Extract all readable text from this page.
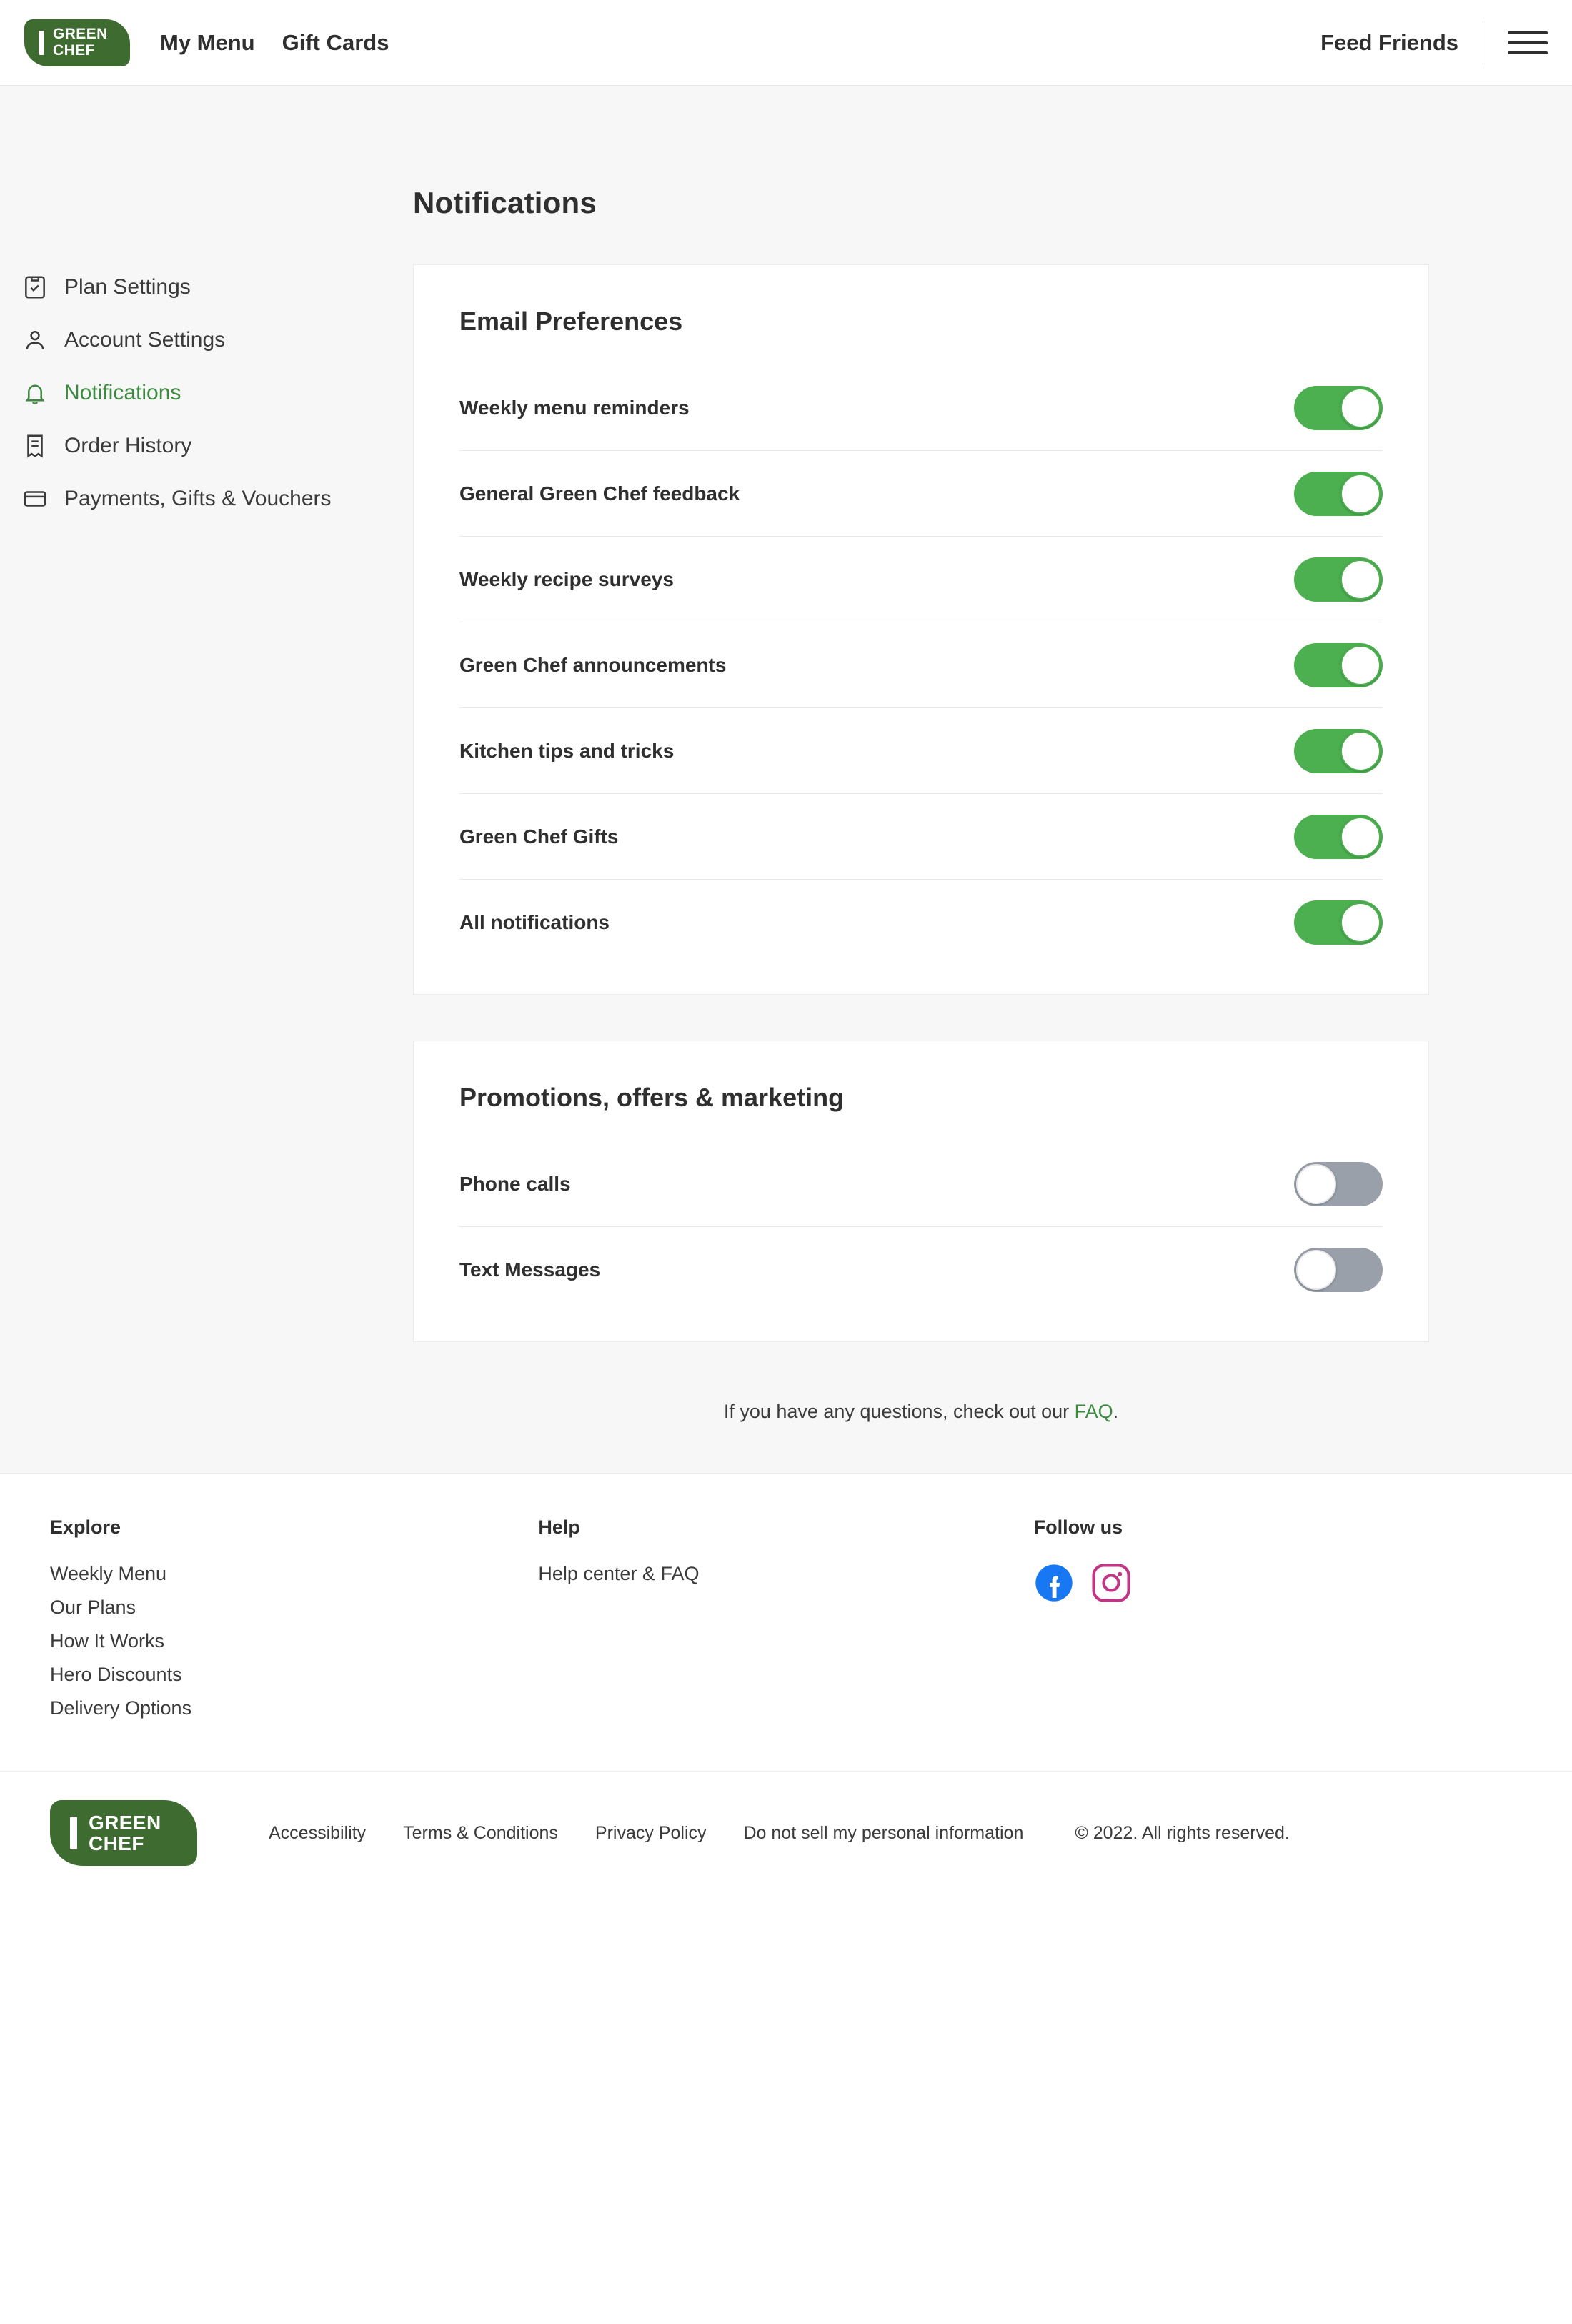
GREEN
CHEF	My Menu Gift Cards	Feed Friends
Plan Settings
Account Settings
Notifications
Order History
Payments, Gifts & Vouchers
Notifications
Email Preferences
Weekly menu reminders
General Green Chef feedback
Weekly recipe surveys
Green Chef announcements
Kitchen tips and tricks
Green Chef Gifts
All notifications
Promotions, offers & marketing
Phone calls
Text Messages
If you have any questions, check out our FAQ.
Explore
Weekly Menu
Our Plans
How It Works
Hero Discounts
Delivery Options
Help
Help center & FAQ
Follow us
GREEN
CHEF	Accessibility Terms & Conditions Privacy Policy Do not sell my personal information	© 2022. All rights reserved.
